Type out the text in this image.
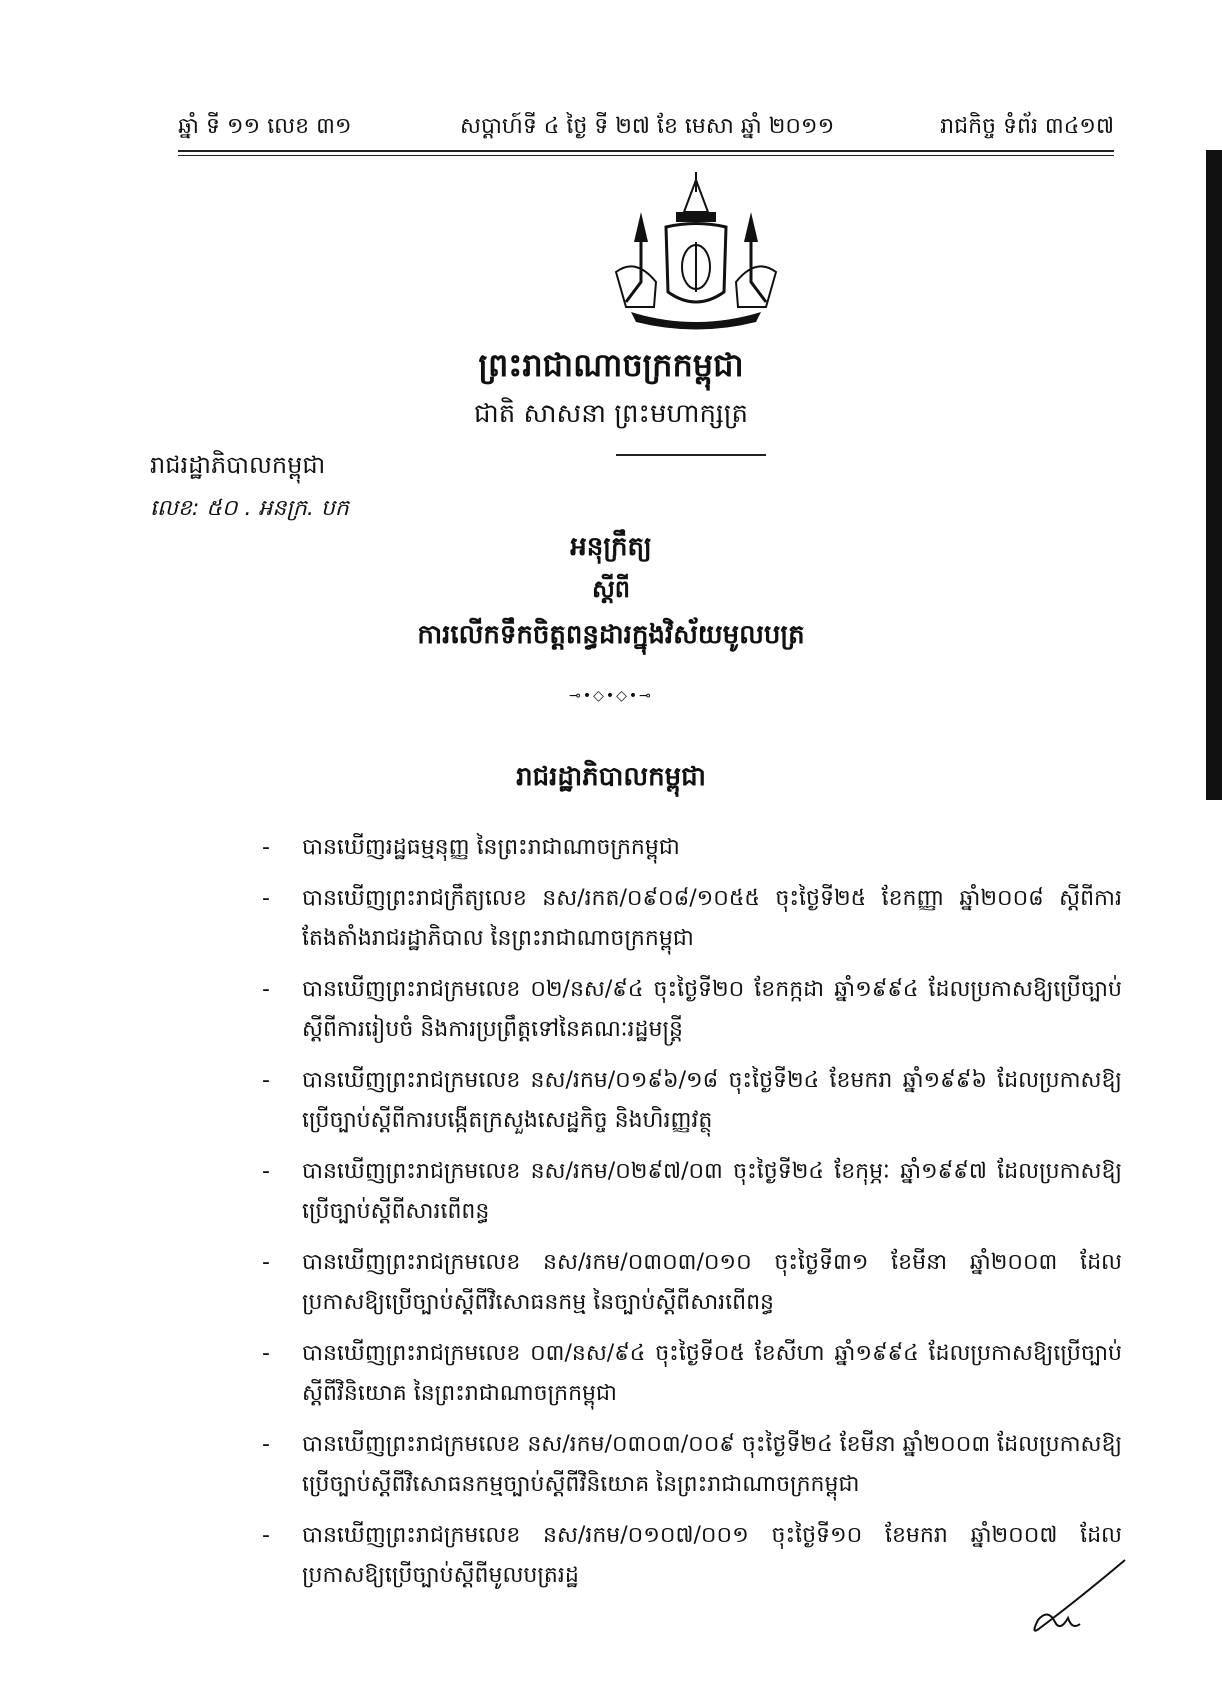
ឆ្នាំ ទី ១១ លេខ ៣១	សប្តាហ៍ទី ៤ ថ្ងៃ ទី ២៧ ខែ មេសា ឆ្នាំ ២០១១	រាជកិច្ច ទំព័រ ៣៤១៧
ព្រះរាជាណាចក្រកម្ពុជា
ជាតិ សាសនា ព្រះមហាក្សត្រ
រាជរដ្ឋាភិបាលកម្ពុជា
លេខ: ៥០ . អនក្រ. បក
អនុក្រឹត្យ
ស្តីពី
ការលើកទឹកចិត្តពន្ធដារក្នុងវិស័យមូលបត្រ
⊸•◇•◇•⊸
រាជរដ្ឋាភិបាលកម្ពុជា
- បានឃើញរដ្ឋធម្មនុញ្ញ នៃព្រះរាជាណាចក្រកម្ពុជា
- បានឃើញព្រះរាជក្រឹត្យលេខ នស/រកត/០៩០៨/១០៥៥ ចុះថ្ងៃទី២៥ ខែកញ្ញា ឆ្នាំ២០០៨ ស្តីពីការតែងតាំងរាជរដ្ឋាភិបាល នៃព្រះរាជាណាចក្រកម្ពុជា
- បានឃើញព្រះរាជក្រមលេខ ០២/នស/៩៤ ចុះថ្ងៃទី២០ ខែកក្កដា ឆ្នាំ១៩៩៤ ដែលប្រកាសឱ្យប្រើច្បាប់ស្តីពីការរៀបចំ និងការប្រព្រឹត្តទៅនៃគណៈរដ្ឋមន្ត្រី
- បានឃើញព្រះរាជក្រមលេខ នស/រកម/០១៩៦/១៨ ចុះថ្ងៃទី២៤ ខែមករា ឆ្នាំ១៩៩៦ ដែលប្រកាសឱ្យប្រើច្បាប់ស្តីពីការបង្កើតក្រសួងសេដ្ឋកិច្ច និងហិរញ្ញវត្ថុ
- បានឃើញព្រះរាជក្រមលេខ នស/រកម/០២៩៧/០៣ ចុះថ្ងៃទី២៤ ខែកុម្ភៈ ឆ្នាំ១៩៩៧ ដែលប្រកាសឱ្យប្រើច្បាប់ស្តីពីសារពើពន្ធ
- បានឃើញព្រះរាជក្រមលេខ នស/រកម/០៣០៣/០១០ ចុះថ្ងៃទី៣១ ខែមីនា ឆ្នាំ២០០៣ ដែលប្រកាសឱ្យប្រើច្បាប់ស្តីពីវិសោធនកម្ម នៃច្បាប់ស្តីពីសារពើពន្ធ
- បានឃើញព្រះរាជក្រមលេខ ០៣/នស/៩៤ ចុះថ្ងៃទី០៥ ខែសីហា ឆ្នាំ១៩៩៤ ដែលប្រកាសឱ្យប្រើច្បាប់ស្តីពីវិនិយោគ នៃព្រះរាជាណាចក្រកម្ពុជា
- បានឃើញព្រះរាជក្រមលេខ នស/រកម/០៣០៣/០០៩ ចុះថ្ងៃទី២៤ ខែមីនា ឆ្នាំ២០០៣ ដែលប្រកាសឱ្យប្រើច្បាប់ស្តីពីវិសោធនកម្មច្បាប់ស្តីពីវិនិយោគ នៃព្រះរាជាណាចក្រកម្ពុជា
- បានឃើញព្រះរាជក្រមលេខ នស/រកម/០១០៧/០០១ ចុះថ្ងៃទី១០ ខែមករា ឆ្នាំ២០០៧ ដែលប្រកាសឱ្យប្រើច្បាប់ស្តីពីមូលបត្ររដ្ឋ
